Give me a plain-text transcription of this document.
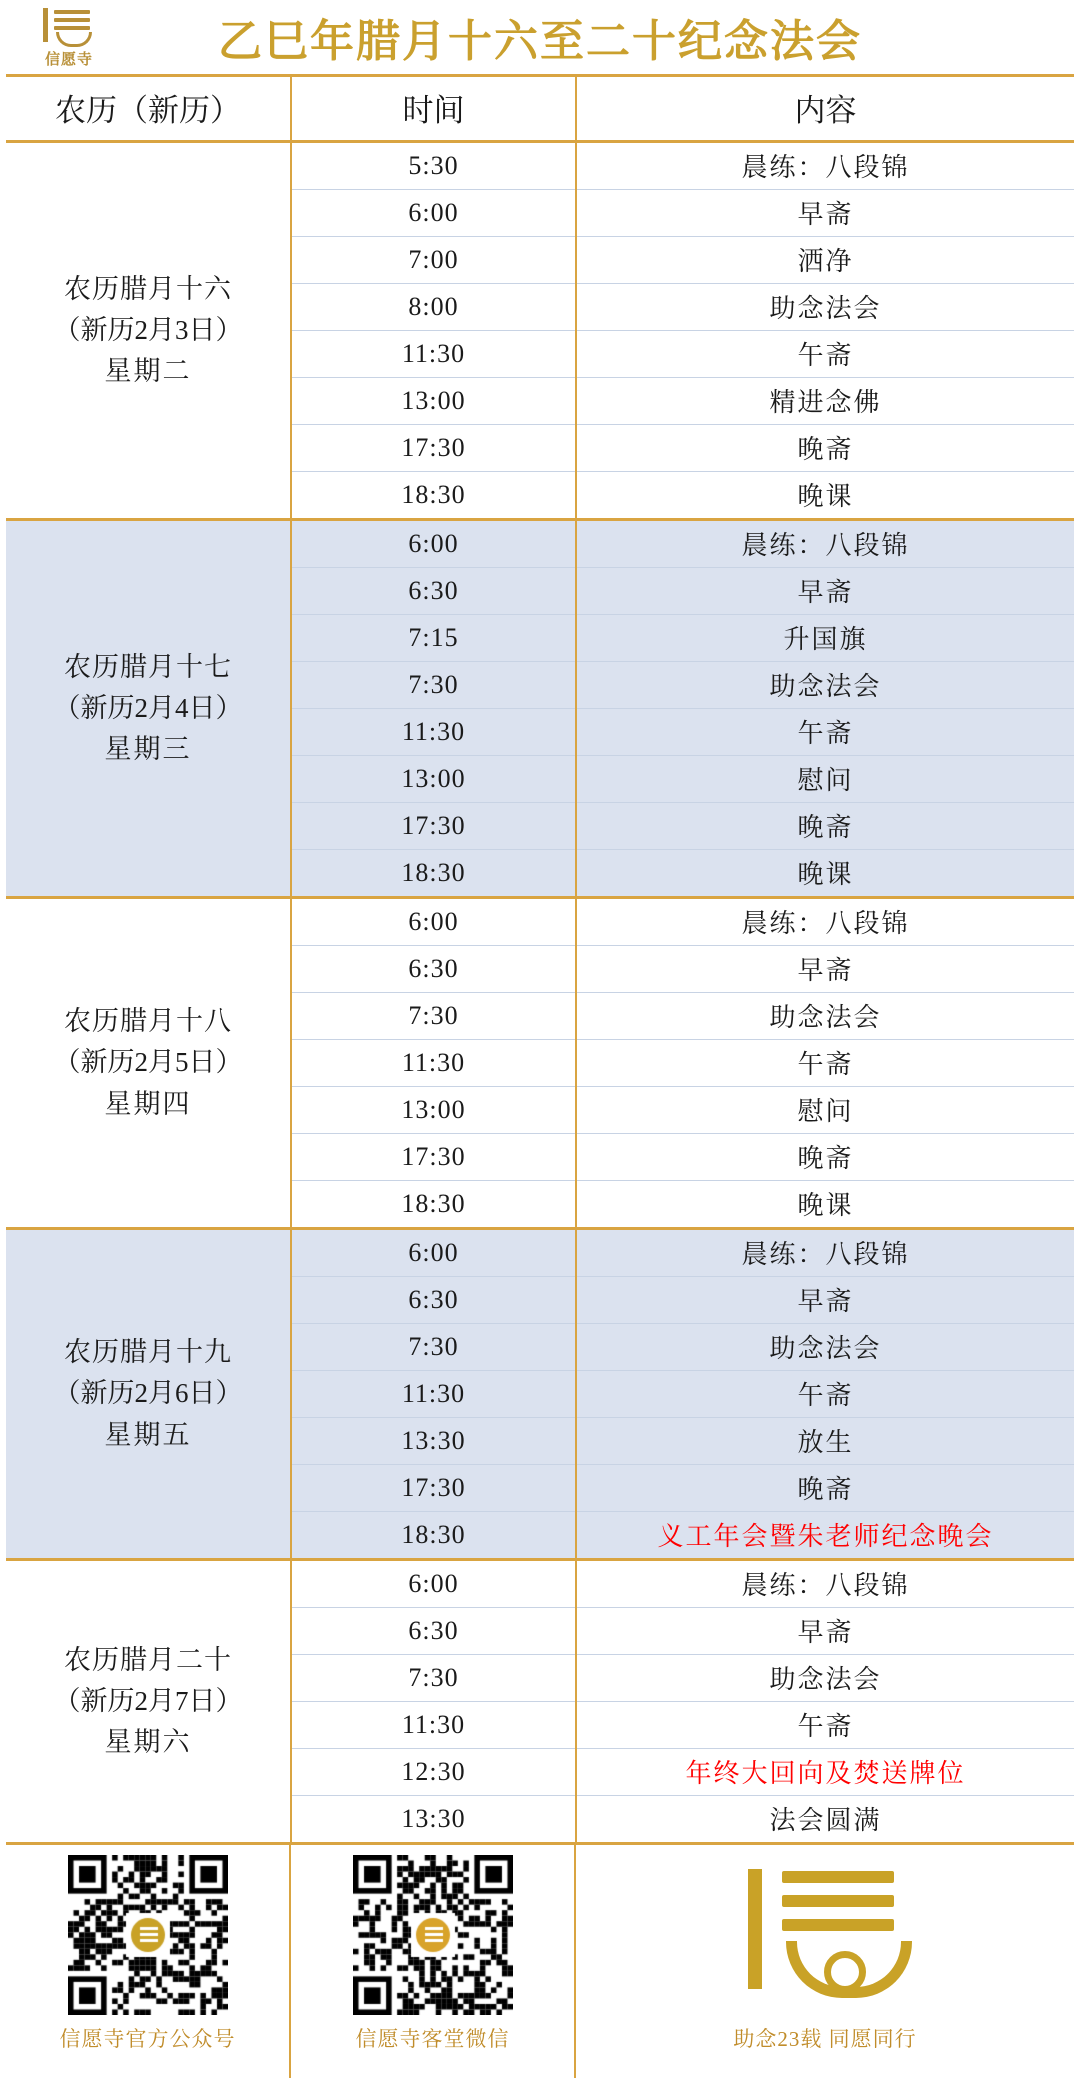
信愿寺	乙巳年腊月十六至二十纪念法会
农历（新历）	时间	内容

农历腊月十六
（新历2月3日）
星期二	5:30	晨练：八段锦
	6:00	早斋
	7:00	洒净
	8:00	助念法会
	11:30	午斋
	13:00	精进念佛
	17:30	晚斋
	18:30	晚课

农历腊月十七
（新历2月4日）
星期三	6:00	晨练：八段锦
	6:30	早斋
	7:15	升国旗
	7:30	助念法会
	11:30	午斋
	13:00	慰问
	17:30	晚斋
	18:30	晚课

农历腊月十八
（新历2月5日）
星期四	6:00	晨练：八段锦
	6:30	早斋
	7:30	助念法会
	11:30	午斋
	13:00	慰问
	17:30	晚斋
	18:30	晚课

农历腊月十九
（新历2月6日）
星期五	6:00	晨练：八段锦
	6:30	早斋
	7:30	助念法会
	11:30	午斋
	13:30	放生
	17:30	晚斋
	18:30	义工年会暨朱老师纪念晚会

农历腊月二十
（新历2月7日）
星期六	6:00	晨练：八段锦
	6:30	早斋
	7:30	助念法会
	11:30	午斋
	12:30	年终大回向及焚送牌位
	13:30	法会圆满
信愿寺官方公众号	信愿寺客堂微信	助念23载 同愿同行
